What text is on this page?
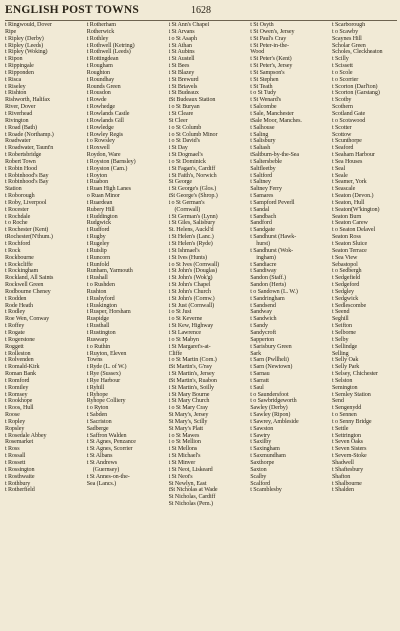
ENGLISH POST TOWNS	1628
t Ringwould, Dover
Ripe
t Ripley (Derby)
t Ripley (Leeds)
t Ripley (Woking)
t Ripon
t Rippingale
t Ripponden
t Risca
t Riseley
t Rishton
Rishworth, Halifax
River, Dover
t Riverhead
Rivington
t Road (Bath)
t Roade (Northamp.)
Roadwater
t Roadwater, Taunt'n
t Robertsbridge
Robert Town
t Robin Hood
t Robinhood's Bay
t Robinhood's Bay
Station
t Roborough
t Roby, Liverpool
t Rocester
t Rochdale
t o Roche
t Rochester (Kent)
tRochester(N'thum.)
t Rochford
t Rock
Rockbourne
t Rockcliffe
t Rockingham
Rockland, All Saints
Rockwell Green
Rodbourne Cheney
t Rodden
Rode Heath
t Rodley
Roe Wen, Conway
t Roffey
t Rogate
t Rogerstone
Roggett
t Rolleston
t Rolvenden
t Romald-Kirk
Roman Bank
t Romford
t Romiley
t Romsey
t Rookhope
t Roos, Hull
Roose
t Ropley
Ropsley
t Rosedale Abbey
Rosemarket
t Ross
t Rossall
t Rossett
t Rossington
t Rosthwaite
t Rothbury
t Rotherfield
t Rotherham
Rotherwick
t Rothley
t Rothwell (Ketring)
t Rothwell (Leeds)
t Rottingdean
t Rougham
Roughton
t Roundhay
Rounds Green
t Rousdon
t Rowde
t Rowhedge
t Rowlands Castle
t Rowlands Gill
t Rowledge
t Rowley Regis
t o Rowsley
t Roxwell
Roydon, Ware
t Royston (Barnsley)
t Royston (Cam.)
t Royton
t Ruabon
t Ruan High Lanes
o Ruan Minor
t Ruardean
Rubery Hill
t Ruddington
Rudgwick
t Rudford
t Rugby
t Rugeley
t Ruislip
t Runcorn
t Runfold
Runham, Yarmouth
t Rushall
t o Rushden
Rushton
t Rushyford
t Ruskington
t Rusper, Horsham
Ruspidge
t Rusthall
t Rustington
Ruswarp
t o Ruthin
t Ruyton, Eleven
Towns
t Ryde (L. of W.)
t Rye (Sussex)
t Rye Harbour
t Ryhill
t Ryhope
Ryhope Colliery
t o Ryton
t Sabden
t Sacriston
Sadberge
t Saffron Walden
t St Agnes, Penzance
t St Agnes, Scorrier
t St Albans
t St Andrews
(Guernsey)
t St Annes-on-the-
Sea (Lancs.)
t St Ann's Chapel
t St Arvans
t o St Asaph
t St Athan
t St Aubins
t St Austell
t St Bees
t St Blazey
t St Brewurd
t St Briavels
t St Budeaux
tSt Budeaux Station
t o St Buryan
t St Cleare
St Cleer
t o St Columb
t o St Columb Minor
t o St David's
t St Day
t St Dogmael's
t o St Dominick
t St Fagan's, Cardiff
t St Faith's, Norwich
St George
t St George's (Glos.)
tSt George's (Shrop.)
t o St German's
(Cornwall)
t St German's (Lynn)
t St Giles, Salisbury
St. Helens, Auckl'd
t St Helen's (Lanc.)
t St Helen's (Ryde)
t St Ishmael's
t St Ives (Hunts)
t o St Ives (Cornwall)
t St John's (Douglas)
t St John's (Wok'g)
t St John's Chapel
t St John's Church
t St John's (Cornw.)
t St Just (Cornwall)
t o St Just
t o St Keverne
t St Kew, Highway
t St Lawrence
t o St Mabyn
t St Margaret's-at-
Cliffe
t o St Martin (Corn.)
tSt Martin's, G'nsy
t St Martin's, Jersey
tSt Martin's, Ruabon
t St Martin's, Soilly
t St Mary Bourne
t St Mary Church
t o St Mary Cray
St Mary's, Jersey
St Mary's, Scilly
St Mary's Platt
t o St Mawes
t o St Mellion
t St Mellons
t St Michael's
t St Minver
t St Neot, Liskeard
t St Neot's
St Newlyn, East
tSt Nicholas at Wade
St Nicholas, Cardiff
St Nicholas (Pem.)
t St Osyth
t St Owen's, Jersey
t St Paul's Cray
t St Peter-in-the-
Wood
t St Peter's (Kent)
t St Peter's, Jersey
t St Sampson's
t St Stephen
t St Teath
t o St Tudy
t St Wenard's
t Salcombe
t Sale, Manchester
tSale Moor, Manches.
t Salhouse
t Saling
t Salisbury
t Saltash
tSaltburn-by-the-Sea
t Saltersbeble
Saltfleetby
t Saltford
t Saltney
Saltney Ferry
t Samares
t Sampford Peverll
t Sandal
t Sandbach
Sandford
t Sandgate
t Sandhurst (Hawk-
hurst)
t Sandhurst (Wok-
ingham)
t Sandiacre
t Sandiway
Sandon (Staff.)
Sandon (Herts)
t o Sandown (L. W.)
t Sandringham
t Sandsend
Sandway
t Sandwich
t Sandy
Sandycroft
Sapperton
t Sarisbury Green
Sark
t Sarn (Pwllheli)
t Sarn (Newtown)
t Sarnau
t Sarratt
t Saul
t o Saundersfoot
t o Sawbridgeworth
Sawley (Derby)
t Sawley (Ripon)
t Sawrey, Ambleside
t Sawston
t Sawtry
t Saxilby
t Saxingham
t Saxmundham
Saxthorpe
Saxton
Scalby
Scalford
t Scamblesby
t Scarborough
t o Scawby
Scaynes Hill
Scholar Green
Scholes, Cleckheaton
t Scilly
t Scissett
t o Scole
t o Scorrier
t Scorton (Darl'ton)
t Scorton (Garstang)
t Scotby
Scothern
Scotland Gate
t o Scotswood
t Scotter
Scottow
t Scunthorpe
t Seaford
t Seaham Harbour
t Sea Houses
t Seal
t Seale
t Seamer, York
t Seascale
t Seaton (Devon.)
t Seaton, Hull
t Seaton(W'kington)
Seaton Burn
t Seaton Carew
t o Seaton Delavel
Seaton Ross
t Seaton Sluice
Seaton Terrace
t Sea View
Sebastopol
t o Sedbergh
t Sedgefield
t Sedgeford
t Sedgley
t Sedgwick
t Sedlescombe
t Seend
Seghill
t Seifton
t Selborne
t Selby
t Sellindge
Selling
t Selly Oak
t Selly Park
t Selsey, Chichester
t Selston
Semington
t Semley Station
Send
t Sengenydd
t o Sennen
t o Senny Bridge
t Settle
t Settrington
t Seven Oaks
t Seven Sisters
t Severn-Stoke
Shadwell
t Shaftesbury
Shafton
t Shalbourne
t Shalden
